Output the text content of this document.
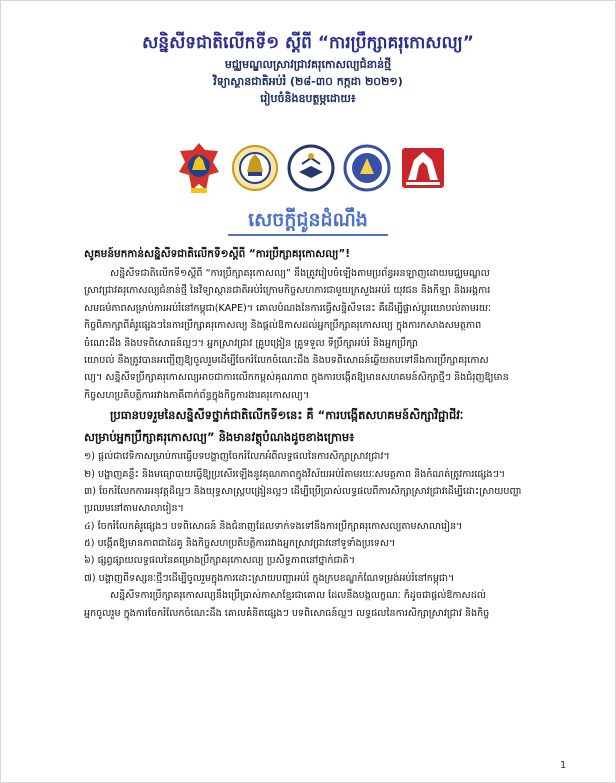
សន្និសីទជាតិលើកទី១ ស្តីពី “ការប្រឹក្សាគរុកោសល្យ”

មជ្ឈមណ្ឌលស្រាវជ្រាវគរុកោសល្យជំនាន់ថ្មី

វិទ្យាស្ថានជាតិអប់រំ (២៨-៣០ កក្កដា ២០២១)

រៀបចំនិងឧបត្ថម្ភដោយ៖

សេចក្តីជូនដំណឹង
សូគមន៍មកកាន់សន្និសីទជាតិលើកទី១ស្តីពី “ការប្រឹក្សាគរុកោសល្យ”!
សន្និសីទជាតិលើកទី១ស្តីពី “ការប្រឹក្សាគរុកោសល្យ” នឹងត្រូវរៀបចំឡើងតាមប្រព័ន្ធអនឡាញដោយមជ្ឈមណ្ឌល
ស្រាវជ្រាវគរុកោសល្យជំនាន់ថ្មី នៃវិទ្យាស្ថានជាតិអប់រំក្រោមកិច្ចសហការជាមួយក្រសួងអប់រំ យុវជន និងកីឡា និងអង្គការ
សមធម៌ភាពសម្រាប់ការអប់រំនៅកម្ពុជា(KAPE)។ គោលបំណងនៃការធ្វើសន្និសីទនេះ គឺដើម្បីផ្លាស់ប្តូរយោបល់តាមរយៈ
កិច្ចពិភាក្សាពីគំរូផ្សេងៗនៃការប្រឹក្សាគរុកោសល្យ និងផ្តល់ឱកាសដល់អ្នកប្រឹក្សាគរុកោសល្យ ក្នុងការកសាងសមត្ថភាព
ចំណេះដឹង និងបទពិសោធន៍ល្អៗ។ អ្នកស្រាវជ្រាវ គ្រូបង្រៀន គ្រូទទួល ទីប្រឹក្សាអប់រំ និងអ្នកប្រឹក្សា
យោបល់ នឹងត្រូវបានអញ្ជើញឱ្យចូលរួមដើម្បីចែករំលែកចំណេះដឹង និងបទពិសោធន៍ឆ្លើយតបទៅនឹងការប្រឹក្សាគរុកោស
ល្យ។ សន្និសីទប្រឹក្សាគរុកោសល្យអាចជាការលើកកម្ពស់គុណភាព ក្នុងការបង្កើតឱ្យមានសហគមន៍សិក្សាថ្មីៗ និងជំរុញឱ្យមាន
កិច្ចសហប្រតិបត្តិការរវាងភាគីពាក់ព័ន្ធក្នុងកិច្ចការងារគរុកោសល្យ។
ប្រធានបទរួមនៃសន្និសីទថ្នាក់ជាតិលើកទី១នេះ គឺ “ការបង្កើតសហគមន៍សិក្សាវិជ្ជាជីវៈ
សម្រាប់អ្នកប្រឹក្សាគរុកោសល្យ” និងមានវត្ថុបំណងដូចខាងក្រោម៖
១) ផ្តល់ជាវេទិកាសម្រាប់ការធ្វើបទបង្ហាញចែករំលែកអំពីលទ្ធផលនៃការសិក្សាស្រាវជ្រាវ។
២) បង្ហាញគន្លឹះ និងមធ្យោបាយធ្វើឱ្យប្រសើរឡើងនូវគុណភាពក្នុងវិស័យអប់រំតាមរយៈសមត្ថភាព និងកំណត់ត្រូវការផ្សេងៗ។
៣) ចែករំលែកការអនុវត្តដ៏ល្អៗ និងយុទ្ធសាស្ត្របង្រៀនល្អៗ ដើម្បីប្រើប្រាស់លទ្ធផលពីការសិក្សាស្រាវជ្រាវដើម្បីដោះស្រាយបញ្ហា
ប្រឈមនៅតាមសាលារៀន។
៤) ចែករំលែកគំរូផ្សេងៗ បទពិសោធន៍ និងជំនាញដែលទាក់ទងទៅនឹងការប្រឹក្សាគរុកោសល្យតាមសាលារៀន។
៥) បង្កើតឱ្យមានភាពជាដៃគូ និងកិច្ចសហប្រតិបត្តិការរវាងអ្នកស្រាវជ្រាវនៅទូទាំងប្រទេស។
៦) ផ្សព្វផ្សាយលទ្ធផលនៃគម្រោងប្រឹក្សាគរុកោសល្យ ប្រសិទ្ធភាពនៅថ្នាក់ជាតិ។
៧) បង្ហាញពីទស្សនៈថ្មីៗដើម្បីចូលរួមក្នុងការដោះស្រាយបញ្ហាអប់រំ ក្នុងក្របខណ្ឌកំណែទម្រង់អប់រំនៅកម្ពុជា។
សន្និសីទការប្រឹក្សាគរុកោសល្យនឹងប្រើប្រាស់ភាសាខ្មែរជាគោល ដែលនឹងបង្កលក្ខណៈ ក៏ដូចជាផ្តល់ឱកាសដល់
អ្នកចូលរួម ក្នុងការចែករំលែកចំណេះដឹង គោលគំនិតផ្សេងៗ បទពិសោធន៍ល្អៗ លទ្ធផលនៃការសិក្សាស្រាវជ្រាវ និងកិច្ច
1
